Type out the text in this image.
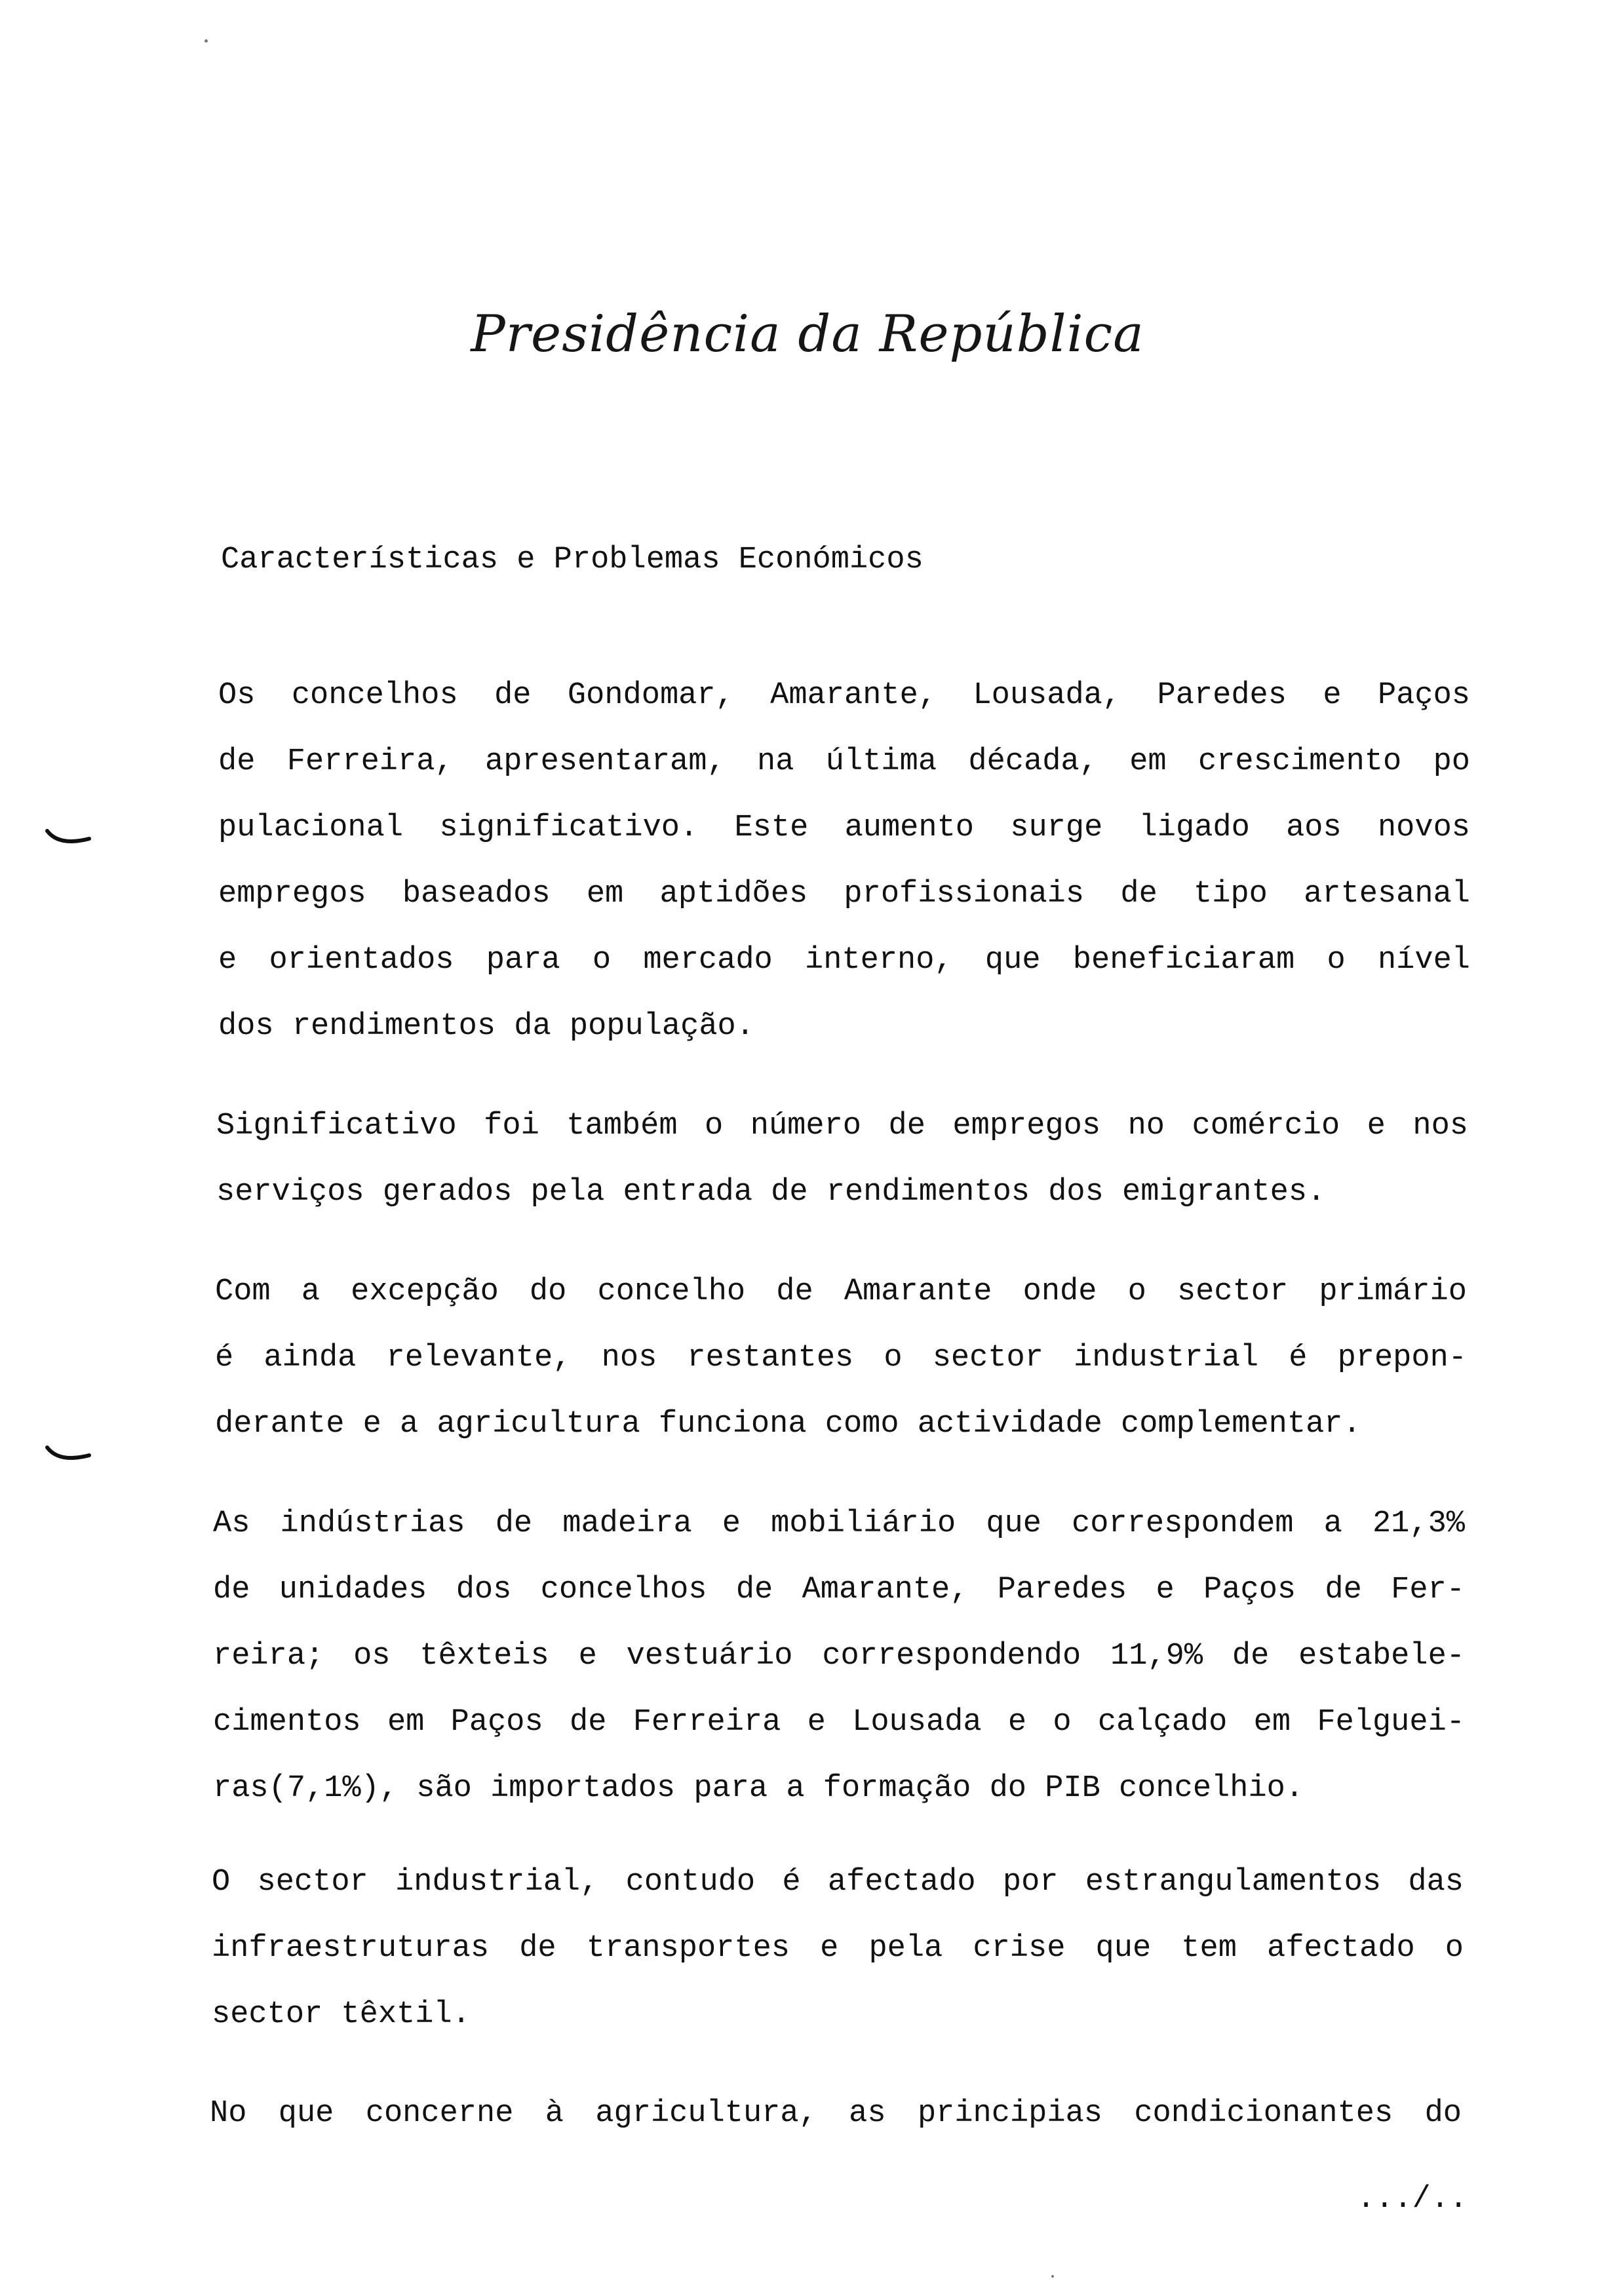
Presidência da República
Características e Problemas Económicos
Os concelhos de Gondomar, Amarante, Lousada, Paredes e Paços
de Ferreira, apresentaram, na última década, em crescimento po
pulacional significativo. Este aumento surge ligado aos novos
empregos baseados em aptidões profissionais de tipo artesanal
e orientados para o mercado interno, que beneficiaram o nível
dos rendimentos da população.
Significativo foi também o número de empregos no comércio e nos
serviços gerados pela entrada de rendimentos dos emigrantes.
Com a excepção do concelho de Amarante onde o sector primário
é ainda relevante, nos restantes o sector industrial é prepon-
derante e a agricultura funciona como actividade complementar.
As indústrias de madeira e mobiliário que correspondem a 21,3%
de unidades dos concelhos de Amarante, Paredes e Paços de Fer-
reira; os têxteis e vestuário correspondendo 11,9% de estabele-
cimentos em Paços de Ferreira e Lousada e o calçado em Felguei-
ras(7,1%), são importados para a formação do PIB concelhio.
O sector industrial, contudo é afectado por estrangulamentos das
infraestruturas de transportes e pela crise que tem afectado o
sector têxtil.
No que concerne à agricultura, as principias condicionantes do
.../..
